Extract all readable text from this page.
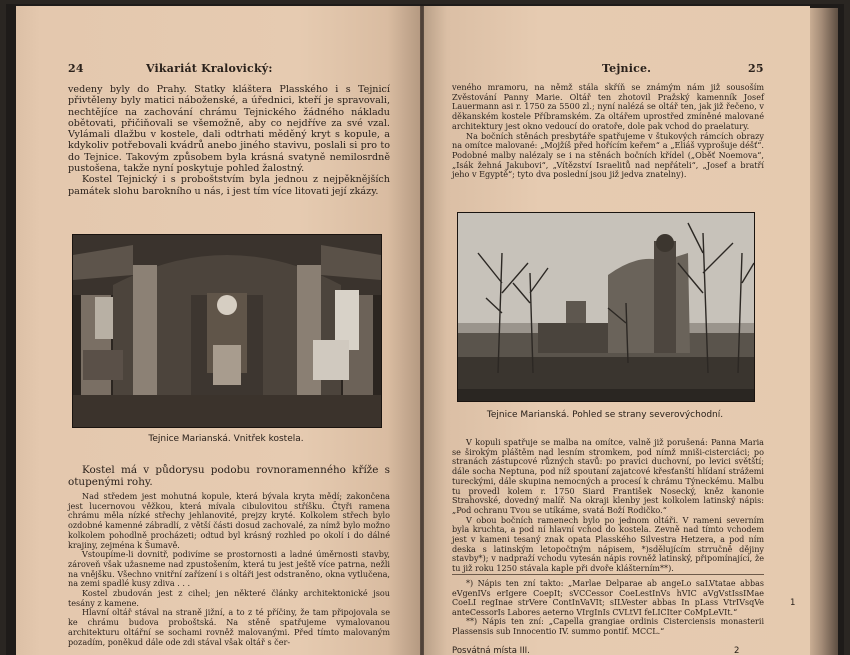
24	Vikariát Kralovický:

vedeny byly do Prahy. Statky kláštera Plasského i s Tejnicí přivtěleny byly matici náboženské, a úřednici, kteří je spravovali, nechtějíce na zachování chrámu Tejnického žádného nákladu obětovati, přičiňovali se všemožně, aby co nejdříve za své vzal. Vylámali dlažbu v kostele, dali odtrhati měděný kryt s kopule, a kdykoliv potřebovali kvádrů anebo jiného stavivu, poslali si pro to do Tejnice. Takovým způsobem byla krásná svatyně nemilosrdně pustošena, takže nyní poskytuje pohled žalostný.

Kostel Tejnický i s proboštstvím byla jednou z nejpěknějších památek slohu barokního u nás, i jest tím více litovati její zkázy.

Tejnice Marianská. Vnitřek kostela.

Kostel má v půdorysu podobu rovnoramenného kříže s otupenými rohy.

Nad středem jest mohutná kopule, která bývala kryta mědí; zakončena jest lucernovou věžkou, která mívala cibulovitou stříšku. Čtyři ramena chrámu měla nízké střechy jehlanovité, prejzy kryté. Kolkolem střech bylo ozdobné kamenné zábradlí, z větší části dosud zachovalé, za nímž bylo možno kolkolem pohodlně procházeti; odtud byl krásný rozhled po okolí i do dálné krajiny, zejména k Šumavě.

Vstoupíme-li dovnitř, podivíme se prostornosti a ladné úměrnosti stavby, zároveň však užasneme nad zpustošením, která tu jest ještě více patrna, nežli na vnějšku. Všechno vnitřní zařízení i s oltáři jest odstraněno, okna vytlučena, na zemi spadlé kusy zdiva . . .

Kostel zbudován jest z cihel; jen některé články architektonické jsou tesány z kamene.

Hlavní oltář stával na straně jižní, a to z té příčiny, že tam připojovala se ke chrámu budova proboštská. Na stěně spatřujeme vymalovanou architekturu oltářní se sochami rovněž malovanými. Před tímto malovaným pozadím, poněkud dále ode zdi stával však oltář s čer-

Tejnice.	25

veného mramoru, na němž stála skříň se známým nám již sousoším Zvěstování Panny Marie. Oltář ten zhotovil Pražský kamenník Josef Lauermann asi r. 1750 za 5500 zl.; nyní nalézá se oltář ten, jak již řečeno, v děkanském kostele Příbramském. Za oltářem uprostřed zmíněné malované architektury jest okno vedoucí do oratoře, dole pak vchod do praelatury.

Na bočních stěnách presbytáře spatřujeme v štukových rámcích obrazy na omítce malované: „Mojžíš před hořícím keřem“ a „Eliáš vyprošuje déšť“. Podobné malby nalézaly se i na stěnách bočních křídel („Oběť Noemova“, „Isák žehná Jakubovi“, „Vítězství Israelitů nad nepřáteli“, „Josef a bratří jeho v Egyptě“; tyto dva poslední jsou již jedva znatelny).

Tejnice Marianská. Pohled se strany severovýchodní.

V kopuli spatřuje se malba na omítce, valně již porušená: Panna Maria se širokým pláštěm nad lesním stromkem, pod nímž mniši-cisterciáci; po stranách zástupcové různých stavů: po pravici duchovní, po levici světští; dále socha Neptuna, pod níž spoutaní zajatcové křesťanští hlídaní strážemi tureckými, dále skupina nemocných a procesí k chrámu Týneckému. Malbu tu provedl kolem r. 1750 Siard František Nosecký, kněz kanonie Strahovské, dovedný malíř. Na okraji klenby jest kolkolem latinský nápis: „Pod ochranu Tvou se utíkáme, svatá Boží Rodičko.“

V obou bočních ramenech bylo po jednom oltáři. V rameni severním byla kruchta, a pod ní hlavní vchod do kostela. Zevně nad tímto vchodem jest v kameni tesaný znak opata Plasského Silvestra Hetzera, a pod ním deska s latinským letopočtným nápisem, *)sdělujícím strručně dějiny stavby*); v nadpraží vchodu vytesán nápis rovněž latinský, připomínající, že tu již roku 1250 stávala kaple při dvoře klášterním**).

*) Nápis ten zní takto: „Marlae Delparae ab angeLo saLVtatae abbas eVgenIVs erIgere CoepIt; sVCCessor CoeLestInVs hVIC aVgVstIssIMae CoeLI regInae strVere ContInVaVIt; sILVester abbas In pLass VtrIVsqVe anteCessorIs Labores aeterno VIrgInIs CVLtVI feLICIter CoMpLeVIt.“

**) Nápis ten zní: „Capella grangiae ordinis Cisterciensis monasterii Plassensis sub Innocentio IV. summo pontif. MCCL.“

Posvátná místa III.	2
1
